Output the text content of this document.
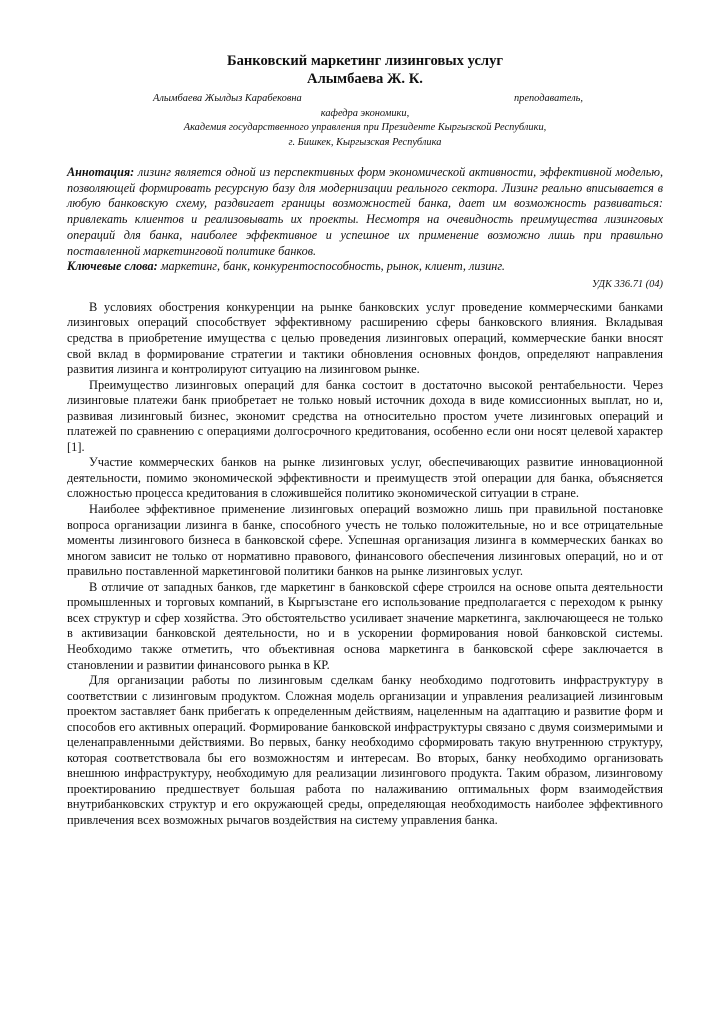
Банковский маркетинг лизинговых услуг
Алымбаева Ж. К.
Алымбаева Жылдыз Карабековна	преподаватель,
кафедра экономики,
Академия государственного управления при Президенте Кыргызской Республики,
г. Бишкек, Кыргызская Республика
Аннотация: лизинг является одной из перспективных форм экономической активности, эффективной моделью, позволяющей формировать ресурсную базу для модернизации реального сектора. Лизинг реально вписывается в любую банковскую схему, раздвигает границы возможностей банка, дает им возможность развиваться: привлекать клиентов и реализовывать их проекты. Несмотря на очевидность преимущества лизинговых операций для банка, наиболее эффективное и успешное их применение возможно лишь при правильно поставленной маркетинговой политике банков.
Ключевые слова: маркетинг, банк, конкурентоспособность, рынок, клиент, лизинг.
УДК 336.71 (04)

В условиях обострения конкуренции на рынке банковских услуг проведение коммерческими банками лизинговых операций способствует эффективному расширению сферы банковского влияния. Вкладывая средства в приобретение имущества с целью проведения лизинговых операций, коммерческие банки вносят свой вклад в формирование стратегии и тактики обновления основных фондов, определяют направления развития лизинга и контролируют ситуацию на лизинговом рынке.

Преимущество лизинговых операций для банка состоит в достаточно высокой рентабельности. Через лизинговые платежи банк приобретает не только новый источник дохода в виде комиссионных выплат, но и, развивая лизинговый бизнес, экономит средства на относительно простом учете лизинговых операций и платежей по сравнению с операциями долгосрочного кредитования, особенно если они носят целевой характер [1].

Участие коммерческих банков на рынке лизинговых услуг, обеспечивающих развитие инновационной деятельности, помимо экономической эффективности и преимуществ этой операции для банка, объясняется сложностью процесса кредитования в сложившейся политико экономической ситуации в стране.

Наиболее эффективное применение лизинговых операций возможно лишь при правильной постановке вопроса организации лизинга в банке, способного учесть не только положительные, но и все отрицательные моменты лизингового бизнеса в банковской сфере. Успешная организация лизинга в коммерческих банках во многом зависит не только от нормативно правового, финансового обеспечения лизинговых операций, но и от правильно поставленной маркетинговой политики банков на рынке лизинговых услуг.

В отличие от западных банков, где маркетинг в банковской сфере строился на основе опыта деятельности промышленных и торговых компаний, в Кыргызстане его использование предполагается с переходом к рынку всех структур и сфер хозяйства. Это обстоятельство усиливает значение маркетинга, заключающееся не только в активизации банковской деятельности, но и в ускорении формирования новой банковской системы. Необходимо также отметить, что объективная основа маркетинга в банковской сфере заключается в становлении и развитии финансового рынка в КР.

Для организации работы по лизинговым сделкам банку необходимо подготовить инфраструктуру в соответствии с лизинговым продуктом. Сложная модель организации и управления реализацией лизинговым проектом заставляет банк прибегать к определенным действиям, нацеленным на адаптацию и развитие форм и способов его активных операций. Формирование банковской инфраструктуры связано с двумя соизмеримыми и целенаправленными действиями. Во первых, банку необходимо сформировать такую внутреннюю структуру, которая соответствовала бы его возможностям и интересам. Во вторых, банку необходимо организовать внешнюю инфраструктуру, необходимую для реализации лизингового продукта. Таким образом, лизинговому проектированию предшествует большая работа по налаживанию оптимальных форм взаимодействия внутрибанковских структур и его окружающей среды, определяющая необходимость наиболее эффективного привлечения всех возможных рычагов воздействия на систему управления банка.
